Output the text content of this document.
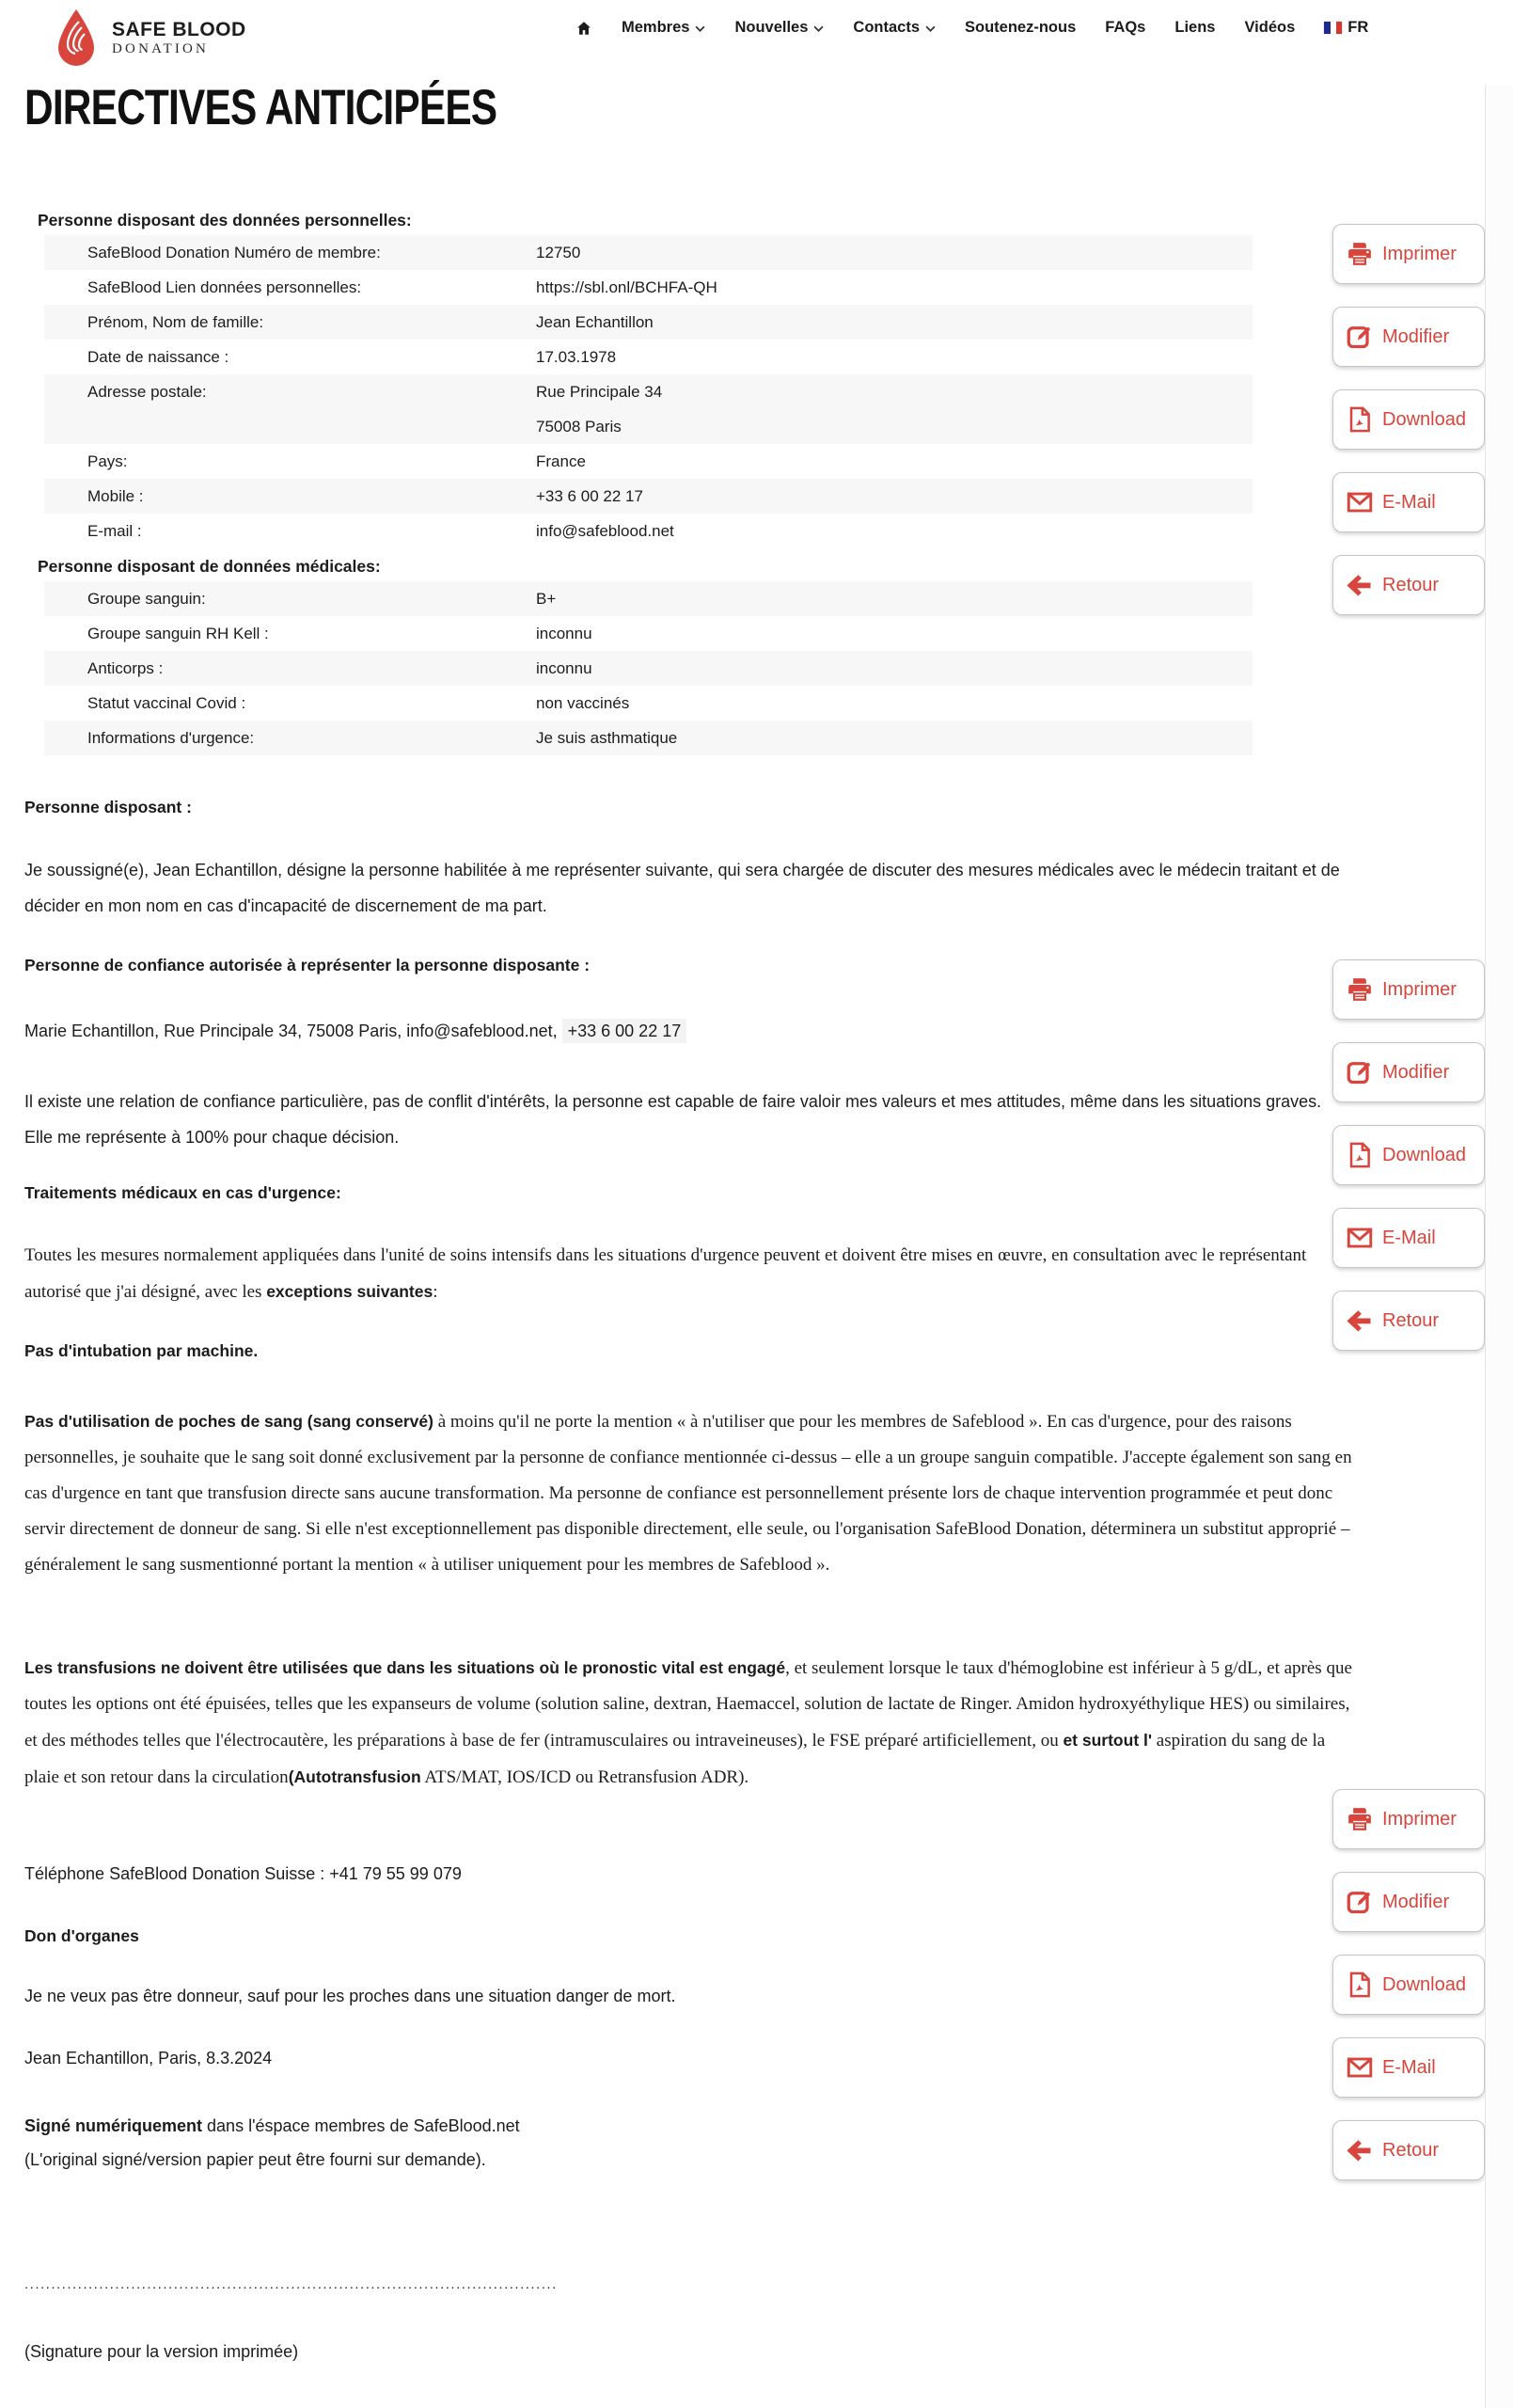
SAFE BLOOD
DONATION
Membres	Nouvelles	Contacts	Soutenez-nous FAQs Liens Vidéos	FR
DIRECTIVES ANTICIPÉES
Personne disposant des données personnelles:
SafeBlood Donation Numéro de membre:	12750
SafeBlood Lien données personnelles:	https://sbl.onl/BCHFA-QH
Prénom, Nom de famille:	Jean Echantillon
Date de naissance :	17.03.1978
Adresse postale:	Rue Principale 34
75008 Paris
Pays:	France
Mobile :	+33 6 00 22 17
E-mail :	info@safeblood.net
Personne disposant de données médicales:
Groupe sanguin:	B+
Groupe sanguin RH Kell :	inconnu
Anticorps :	inconnu
Statut vaccinal Covid :	non vaccinés
Informations d'urgence:	Je suis asthmatique
Personne disposant :
Je soussigné(e), Jean Echantillon, désigne la personne habilitée à me représenter suivante, qui sera chargée de discuter des mesures médicales avec le médecin traitant et de décider en mon nom en cas d'incapacité de discernement de ma part.
Personne de confiance autorisée à représenter la personne disposante :
Marie Echantillon, Rue Principale 34, 75008 Paris, info@safeblood.net, +33 6 00 22 17
Il existe une relation de confiance particulière, pas de conflit d'intérêts, la personne est capable de faire valoir mes valeurs et mes attitudes, même dans les situations graves. Elle me représente à 100% pour chaque décision.
Traitements médicaux en cas d'urgence:
Toutes les mesures normalement appliquées dans l'unité de soins intensifs dans les situations d'urgence peuvent et doivent être mises en œuvre, en consultation avec le représentant autorisé que j'ai désigné, avec les exceptions suivantes:
Pas d'intubation par machine.
Pas d'utilisation de poches de sang (sang conservé) à moins qu'il ne porte la mention « à n'utiliser que pour les membres de Safeblood ». En cas d'urgence, pour des raisons personnelles, je souhaite que le sang soit donné exclusivement par la personne de confiance mentionnée ci-dessus – elle a un groupe sanguin compatible. J'accepte également son sang en cas d'urgence en tant que transfusion directe sans aucune transformation. Ma personne de confiance est personnellement présente lors de chaque intervention programmée et peut donc servir directement de donneur de sang. Si elle n'est exceptionnellement pas disponible directement, elle seule, ou l'organisation SafeBlood Donation, déterminera un substitut approprié – généralement le sang susmentionné portant la mention « à utiliser uniquement pour les membres de Safeblood ».
Les transfusions ne doivent être utilisées que dans les situations où le pronostic vital est engagé, et seulement lorsque le taux d'hémoglobine est inférieur à 5 g/dL, et après que toutes les options ont été épuisées, telles que les expanseurs de volume (solution saline, dextran, Haemaccel, solution de lactate de Ringer. Amidon hydroxyéthylique HES) ou similaires, et des méthodes telles que l'électrocautère, les préparations à base de fer (intramusculaires ou intraveineuses), le FSE préparé artificiellement, ou et surtout l' aspiration du sang de la plaie et son retour dans la circulation(Autotransfusion ATS/MAT, IOS/ICD ou Retransfusion ADR).
Téléphone SafeBlood Donation Suisse : +41 79 55 99 079
Don d'organes
Je ne veux pas être donneur, sauf pour les proches dans une situation danger de mort.
Jean Echantillon, Paris, 8.3.2024
Signé numériquement dans l'éspace membres de SafeBlood.net
(L'original signé/version papier peut être fourni sur demande).
....................................................................................................
(Signature pour la version imprimée)
Imprimer
Modifier
Download
E-Mail
Retour
Imprimer
Modifier
Download
E-Mail
Retour
Imprimer
Modifier
Download
E-Mail
Retour
